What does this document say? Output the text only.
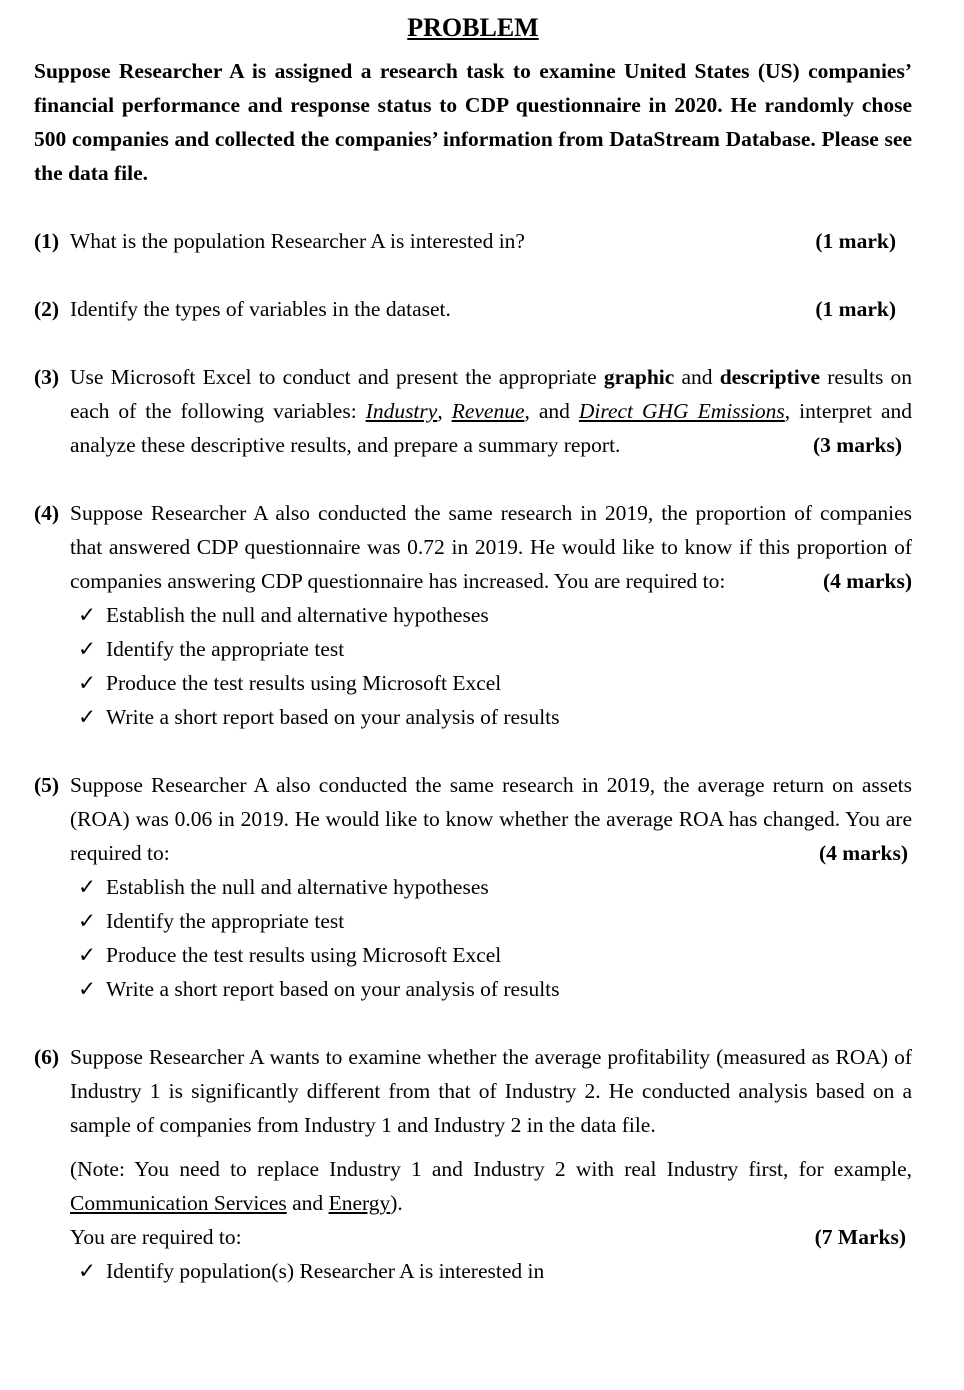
PROBLEM

Suppose Researcher A is assigned a research task to examine United States (US) companies’ financial performance and response status to CDP questionnaire in 2020. He randomly chose 500 companies and collected the companies’ information from DataStream Database. Please see the data file.

(1) What is the population Researcher A is interested in?	(1 mark)
(2) Identify the types of variables in the dataset.	(1 mark)
(3) Use Microsoft Excel to conduct and present the appropriate graphic and descriptive results on each of the following variables: Industry, Revenue, and Direct GHG Emissions, interpret and analyze these descriptive results, and prepare a summary report.	(3 marks)
(4) Suppose Researcher A also conducted the same research in 2019, the proportion of companies that answered CDP questionnaire was 0.72 in 2019. He would like to know if this proportion of companies answering CDP questionnaire has increased. You are required to:	(4 marks)
✓ Establish the null and alternative hypotheses
✓ Identify the appropriate test
✓ Produce the test results using Microsoft Excel
✓ Write a short report based on your analysis of results
(5) Suppose Researcher A also conducted the same research in 2019, the average return on assets (ROA) was 0.06 in 2019. He would like to know whether the average ROA has changed. You are required to:	(4 marks)
✓ Establish the null and alternative hypotheses
✓ Identify the appropriate test
✓ Produce the test results using Microsoft Excel
✓ Write a short report based on your analysis of results
(6) Suppose Researcher A wants to examine whether the average profitability (measured as ROA) of Industry 1 is significantly different from that of Industry 2. He conducted analysis based on a sample of companies from Industry 1 and Industry 2 in the data file.
(Note: You need to replace Industry 1 and Industry 2 with real Industry first, for example, Communication Services and Energy).
You are required to:	(7 Marks)
✓ Identify population(s) Researcher A is interested in
